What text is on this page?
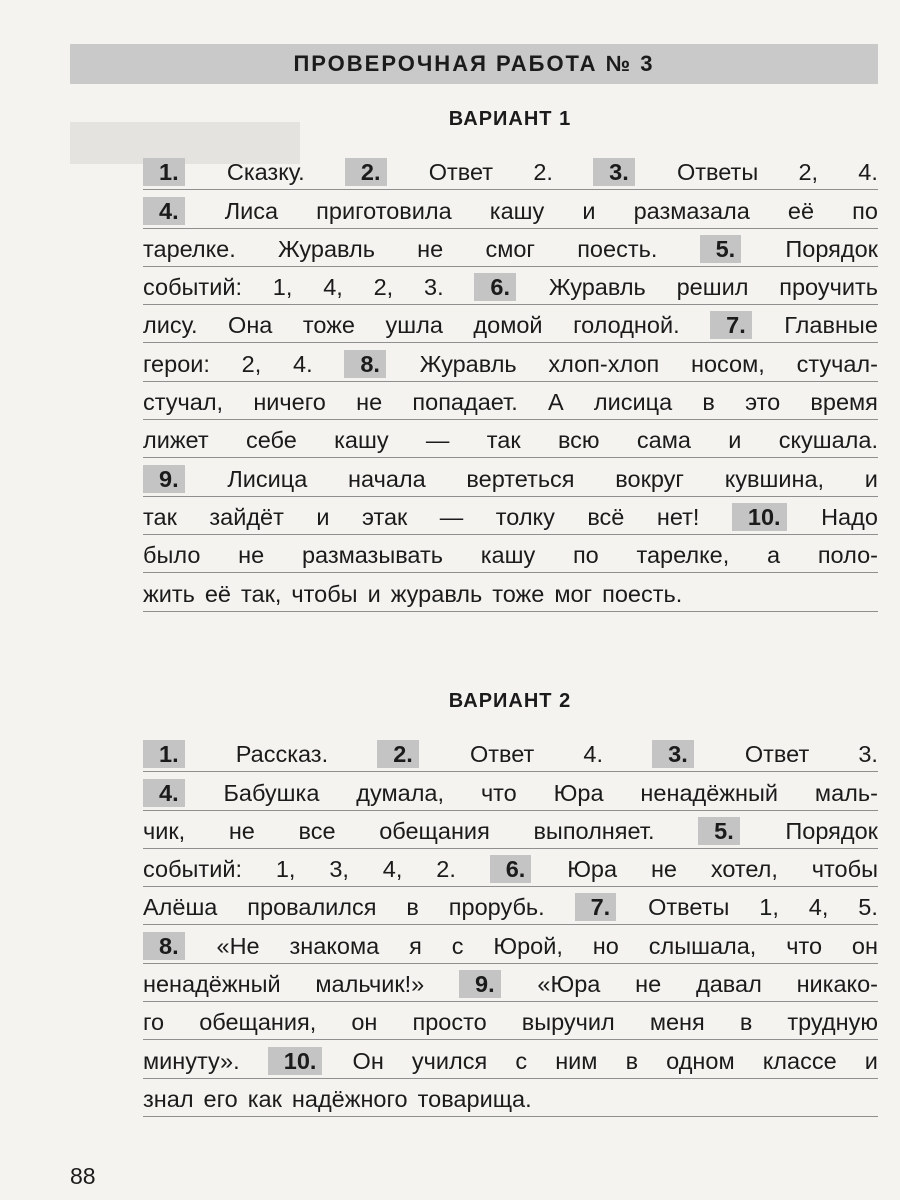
ПРОВЕРОЧНАЯ РАБОТА № 3
ВАРИАНТ 1
1. Сказку.	2. Ответ 2.	3. Ответы 2, 4.
4. Лиса приготовила кашу и размазала её по
тарелке. Журавль не смог поесть.	5. Порядок
событий: 1, 4, 2, 3.	6. Журавль решил проучить
лису. Она тоже ушла домой голодной.	7. Главные
герои: 2, 4.	8. Журавль хлоп-хлоп носом, стучал-
стучал, ничего не попадает. А лисица в это время
лижет себе кашу — так всю сама и скушала.
9. Лисица начала вертеться вокруг кувшина, и
так зайдёт и этак — толку всё нет!	10. Надо
было не размазывать кашу по тарелке, а поло-
жить её так, чтобы и журавль тоже мог поесть.
ВАРИАНТ 2
1. Рассказ.	2. Ответ 4.	3. Ответ 3.
4. Бабушка думала, что Юра ненадёжный маль-
чик, не все обещания выполняет.	5. Порядок
событий: 1, 3, 4, 2.	6. Юра не хотел, чтобы
Алёша провалился в прорубь.	7. Ответы 1, 4, 5.
8. «Не знакома я с Юрой, но слышала, что он
ненадёжный мальчик!»	9. «Юра не давал никако-
го обещания, он просто выручил меня в трудную
минуту».	10. Он учился с ним в одном классе и
знал его как надёжного товарища.
88
